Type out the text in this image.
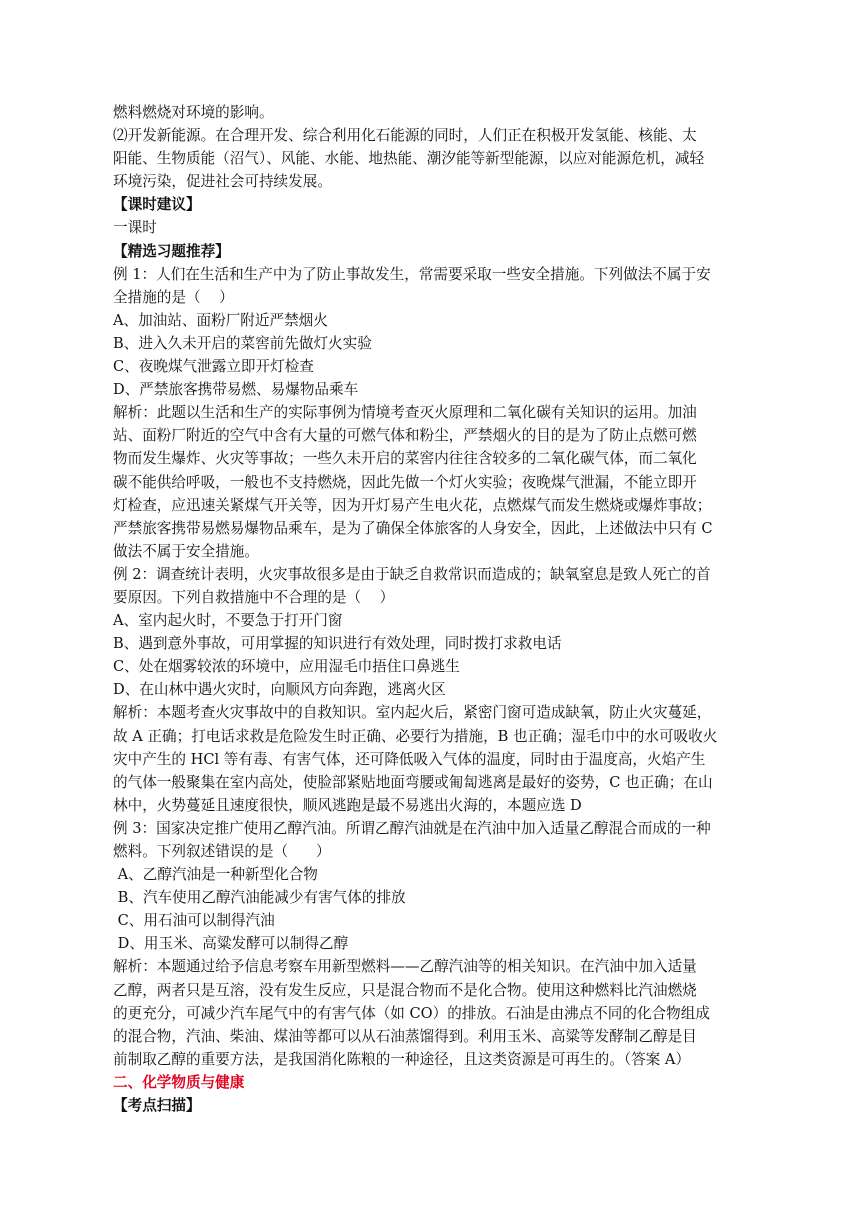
燃料燃烧对环境的影响。
⑵开发新能源。在合理开发、综合利用化石能源的同时，人们正在积极开发氢能、核能、太
阳能、生物质能（沼气）、风能、水能、地热能、潮汐能等新型能源，以应对能源危机，减轻
环境污染，促进社会可持续发展。
【课时建议】
一课时
【精选习题推荐】
例 1：人们在生活和生产中为了防止事故发生，常需要采取一些安全措施。下列做法不属于安
全措施的是（    ）
A、加油站、面粉厂附近严禁烟火
B、进入久未开启的菜窖前先做灯火实验
C、夜晚煤气泄露立即开灯检查
D、严禁旅客携带易燃、易爆物品乘车
解析：此题以生活和生产的实际事例为情境考查灭火原理和二氧化碳有关知识的运用。加油
站、面粉厂附近的空气中含有大量的可燃气体和粉尘，严禁烟火的目的是为了防止点燃可燃
物而发生爆炸、火灾等事故；一些久未开启的菜窖内往往含较多的二氧化碳气体，而二氧化
碳不能供给呼吸，一般也不支持燃烧，因此先做一个灯火实验；夜晚煤气泄漏，不能立即开
灯检查，应迅速关紧煤气开关等，因为开灯易产生电火花，点燃煤气而发生燃烧或爆炸事故；
严禁旅客携带易燃易爆物品乘车，是为了确保全体旅客的人身安全，因此，上述做法中只有 C
做法不属于安全措施。
例 2：调查统计表明，火灾事故很多是由于缺乏自救常识而造成的；缺氧窒息是致人死亡的首
要原因。下列自救措施中不合理的是（    ）
A、室内起火时，不要急于打开门窗
B、遇到意外事故，可用掌握的知识进行有效处理，同时拨打求救电话
C、处在烟雾较浓的环境中，应用湿毛巾捂住口鼻逃生
D、在山林中遇火灾时，向顺风方向奔跑，逃离火区
解析：本题考查火灾事故中的自救知识。室内起火后，紧密门窗可造成缺氧，防止火灾蔓延，
故 A 正确；打电话求救是危险发生时正确、必要行为措施，B 也正确；湿毛巾中的水可吸收火
灾中产生的 HCl 等有毒、有害气体，还可降低吸入气体的温度，同时由于温度高，火焰产生
的气体一般聚集在室内高处，使脸部紧贴地面弯腰或匍匐逃离是最好的姿势，C 也正确；在山
林中，火势蔓延且速度很快，顺风逃跑是最不易逃出火海的，本题应选 D
例 3：国家决定推广使用乙醇汽油。所谓乙醇汽油就是在汽油中加入适量乙醇混合而成的一种
燃料。下列叙述错误的是（      ）
A、乙醇汽油是一种新型化合物
B、汽车使用乙醇汽油能减少有害气体的排放
C、用石油可以制得汽油
D、用玉米、高粱发酵可以制得乙醇
解析：本题通过给予信息考察车用新型燃料——乙醇汽油等的相关知识。在汽油中加入适量
乙醇，两者只是互溶，没有发生反应，只是混合物而不是化合物。使用这种燃料比汽油燃烧
的更充分，可减少汽车尾气中的有害气体（如 CO）的排放。石油是由沸点不同的化合物组成
的混合物，汽油、柴油、煤油等都可以从石油蒸馏得到。利用玉米、高粱等发酵制乙醇是目
前制取乙醇的重要方法，是我国消化陈粮的一种途径，且这类资源是可再生的。（答案 A）
二、化学物质与健康
【考点扫描】
